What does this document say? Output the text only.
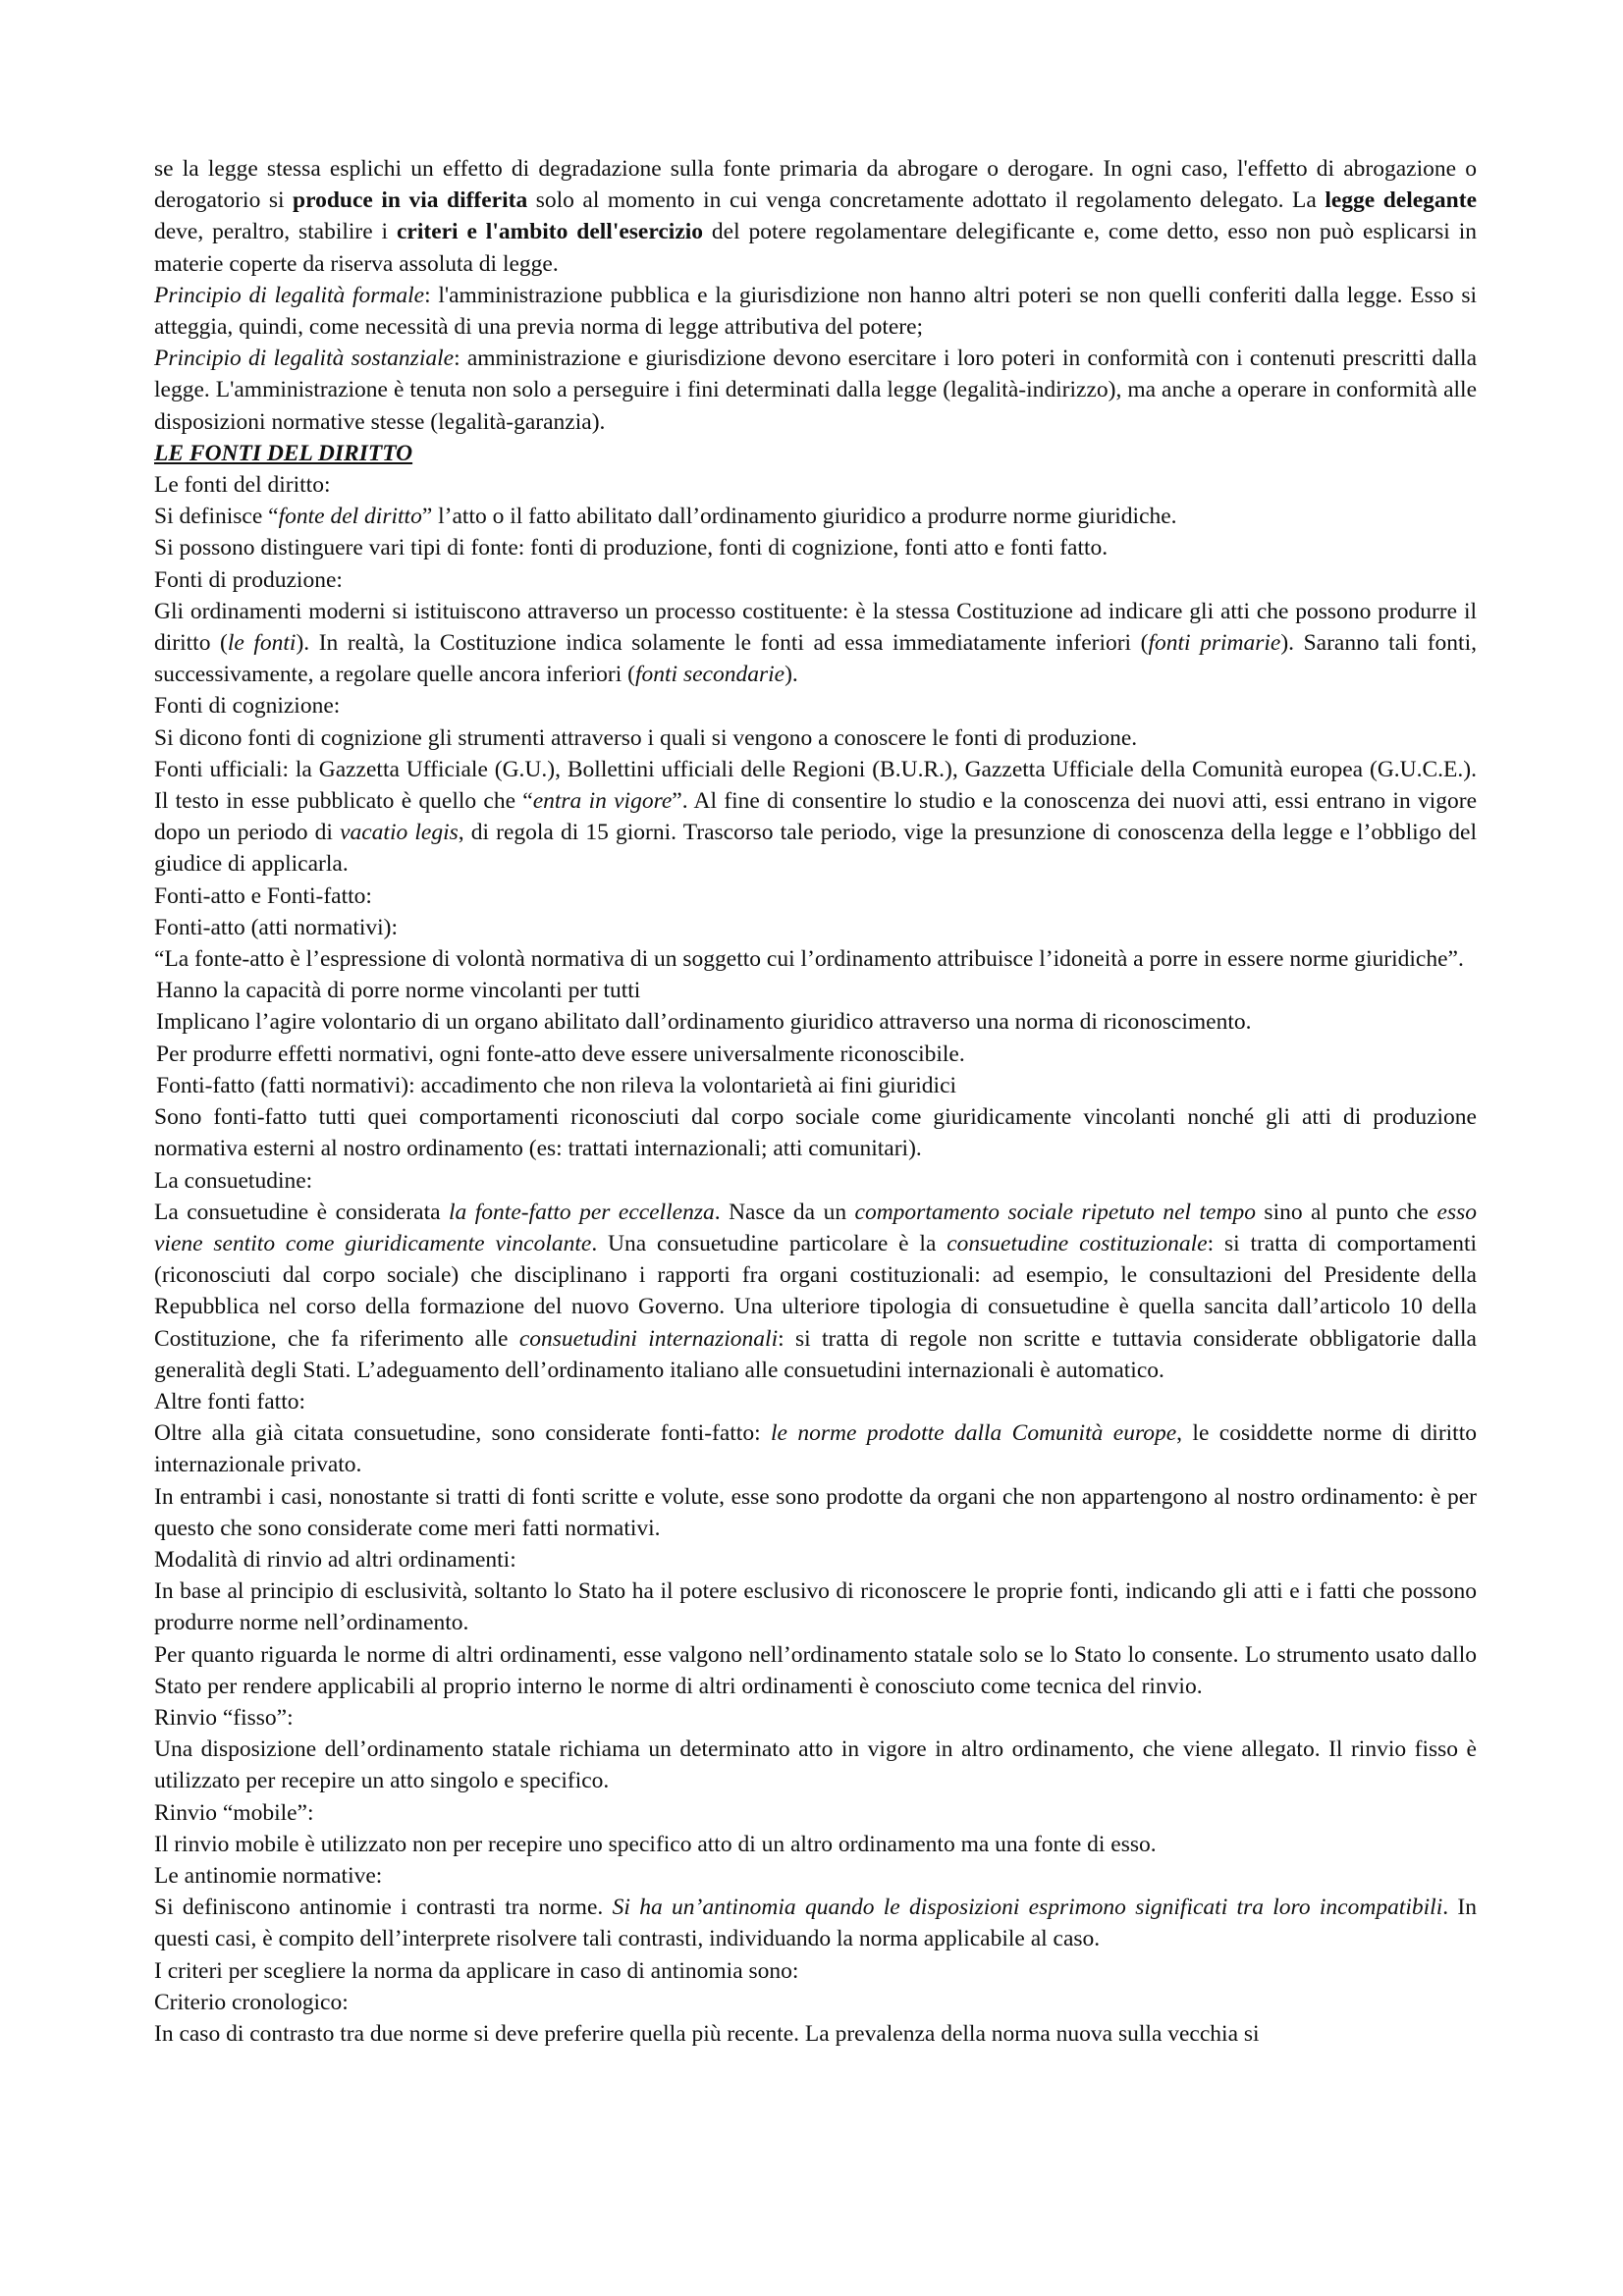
se la legge stessa esplichi un effetto di degradazione sulla fonte primaria da abrogare o derogare. In ogni caso, l'effetto di abrogazione o derogatorio si produce in via differita solo al momento in cui venga concretamente adottato il regolamento delegato. La legge delegante deve, peraltro, stabilire i criteri e l'ambito dell'esercizio del potere regolamentare delegificante e, come detto, esso non può esplicarsi in materie coperte da riserva assoluta di legge.

Principio di legalità formale: l'amministrazione pubblica e la giurisdizione non hanno altri poteri se non quelli conferiti dalla legge. Esso si atteggia, quindi, come necessità di una previa norma di legge attributiva del potere;

Principio di legalità sostanziale: amministrazione e giurisdizione devono esercitare i loro poteri in conformità con i contenuti prescritti dalla legge. L'amministrazione è tenuta non solo a perseguire i fini determinati dalla legge (legalità-indirizzo), ma anche a operare in conformità alle disposizioni normative stesse (legalità-garanzia).

LE FONTI DEL DIRITTO

Le fonti del diritto:

Si definisce “fonte del diritto” l’atto o il fatto abilitato dall’ordinamento giuridico a produrre norme giuridiche.

Si possono distinguere vari tipi di fonte: fonti di produzione, fonti di cognizione, fonti atto e fonti fatto.

Fonti di produzione:

Gli ordinamenti moderni si istituiscono attraverso un processo costituente: è la stessa Costituzione ad indicare gli atti che possono produrre il diritto (le fonti). In realtà, la Costituzione indica solamente le fonti ad essa immediatamente inferiori (fonti primarie). Saranno tali fonti, successivamente, a regolare quelle ancora inferiori (fonti secondarie).

Fonti di cognizione:

Si dicono fonti di cognizione gli strumenti attraverso i quali si vengono a conoscere le fonti di produzione.

Fonti ufficiali: la Gazzetta Ufficiale (G.U.), Bollettini ufficiali delle Regioni (B.U.R.), Gazzetta Ufficiale della Comunità europea (G.U.C.E.). Il testo in esse pubblicato è quello che “entra in vigore”. Al fine di consentire lo studio e la conoscenza dei nuovi atti, essi entrano in vigore dopo un periodo di vacatio legis, di regola di 15 giorni. Trascorso tale periodo, vige la presunzione di conoscenza della legge e l’obbligo del giudice di applicarla.

Fonti-atto e Fonti-fatto:

Fonti-atto (atti normativi):

“La fonte-atto è l’espressione di volontà normativa di un soggetto cui l’ordinamento attribuisce l’idoneità a porre in essere norme giuridiche”.

Hanno la capacità di porre norme vincolanti per tutti

Implicano l’agire volontario di un organo abilitato dall’ordinamento giuridico attraverso una norma di riconoscimento.

Per produrre effetti normativi, ogni fonte-atto deve essere universalmente riconoscibile.

Fonti-fatto (fatti normativi): accadimento che non rileva la volontarietà ai fini giuridici

Sono fonti-fatto tutti quei comportamenti riconosciuti dal corpo sociale come giuridicamente vincolanti nonché gli atti di produzione normativa esterni al nostro ordinamento (es: trattati internazionali; atti comunitari).

La consuetudine:

La consuetudine è considerata la fonte-fatto per eccellenza. Nasce da un comportamento sociale ripetuto nel tempo sino al punto che esso viene sentito come giuridicamente vincolante. Una consuetudine particolare è la consuetudine costituzionale: si tratta di comportamenti (riconosciuti dal corpo sociale) che disciplinano i rapporti fra organi costituzionali: ad esempio, le consultazioni del Presidente della Repubblica nel corso della formazione del nuovo Governo. Una ulteriore tipologia di consuetudine è quella sancita dall’articolo 10 della Costituzione, che fa riferimento alle consuetudini internazionali: si tratta di regole non scritte e tuttavia considerate obbligatorie dalla generalità degli Stati. L’adeguamento dell’ordinamento italiano alle consuetudini internazionali è automatico.

Altre fonti fatto:

Oltre alla già citata consuetudine, sono considerate fonti-fatto: le norme prodotte dalla Comunità europe, le cosiddette norme di diritto internazionale privato.

In entrambi i casi, nonostante si tratti di fonti scritte e volute, esse sono prodotte da organi che non appartengono al nostro ordinamento: è per questo che sono considerate come meri fatti normativi.

Modalità di rinvio ad altri ordinamenti:

In base al principio di esclusività, soltanto lo Stato ha il potere esclusivo di riconoscere le proprie fonti, indicando gli atti e i fatti che possono produrre norme nell’ordinamento.

Per quanto riguarda le norme di altri ordinamenti, esse valgono nell’ordinamento statale solo se lo Stato lo consente. Lo strumento usato dallo Stato per rendere applicabili al proprio interno le norme di altri ordinamenti è conosciuto come tecnica del rinvio.

Rinvio “fisso”:

Una disposizione dell’ordinamento statale richiama un determinato atto in vigore in altro ordinamento, che viene allegato. Il rinvio fisso è utilizzato per recepire un atto singolo e specifico.

Rinvio “mobile”:

Il rinvio mobile è utilizzato non per recepire uno specifico atto di un altro ordinamento ma una fonte di esso.

Le antinomie normative:

Si definiscono antinomie i contrasti tra norme. Si ha un’antinomia quando le disposizioni esprimono significati tra loro incompatibili. In questi casi, è compito dell’interprete risolvere tali contrasti, individuando la norma applicabile al caso.

I criteri per scegliere la norma da applicare in caso di antinomia sono:

Criterio cronologico:

In caso di contrasto tra due norme si deve preferire quella più recente. La prevalenza della norma nuova sulla vecchia si
